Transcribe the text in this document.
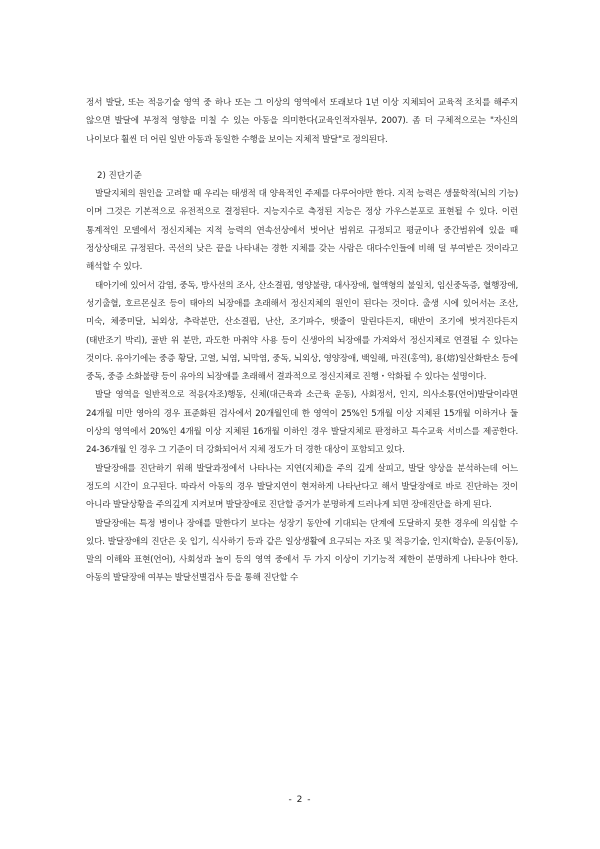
정서 발달, 또는 적응기술 영역 중 하나 또는 그 이상의 영역에서 또래보다 1년 이상 지체되어 교육적 조치를 해주지 않으면 발달에 부정적 영향을 미칠 수 있는 아동을 의미한다(교육인적자원부, 2007). 좀 더 구체적으로는 "자신의 나이보다 훨씬 더 어린 일반 아동과 동일한 수행을 보이는 지체적 발달"로 정의된다.

2) 진단기준

발달지체의 원인을 고려할 때 우리는 태생적 대 양육적인 주제를 다루어야만 한다. 지적 능력은 생물학적(뇌의 기능)이며 그것은 기본적으로 유전적으로 결정된다. 지능지수로 측정된 지능은 정상 가우스분포로 표현될 수 있다. 이런 통계적인 모델에서 정신지체는 지적 능력의 연속선상에서 벗어난 범위로 규정되고 평균이나 중간범위에 있을 때 정상상태로 규정된다. 곡선의 낮은 끝을 나타내는 경한 지체를 갖는 사람은 대다수인들에 비해 덜 부여받은 것이라고 해석할 수 있다.

태아기에 있어서 감염, 중독, 방사선의 조사, 산소결핍, 영양불량, 대사장애, 혈액형의 불일치, 임신중독증, 혈행장애, 성기출혈, 호르몬실조 등이 태아의 뇌장애를 초래해서 정신지체의 원인이 된다는 것이다. 출생 시에 있어서는 조산, 미숙, 체중미달, 뇌외상, 추락분만, 산소결핍, 난산, 조기파수, 탯줄이 말린다든지, 태반이 조기에 벗겨진다든지(태반조기 박리), 골반 위 분만, 과도한 마취약 사용 등이 신생아의 뇌장애를 가져와서 정신지체로 연결될 수 있다는 것이다. 유아기에는 중증 황달, 고열, 뇌염, 뇌막염, 중독, 뇌외상, 영양장애, 백일해, 마진(홍역), 용(熔)일산화탄소 등에 중독, 중증 소화불량 등이 유아의 뇌장애를 초래해서 결과적으로 정신지체로 진행・악화될 수 있다는 설명이다.

발달 영역을 일반적으로 적응(자조)행동, 신체(대근육과 소근육 운동), 사회정서, 인지, 의사소통(언어)발달이라면 24개월 미만 영아의 경우 표준화된 검사에서 20개월인데 한 영역이 25%인 5개월 이상 지체된 15개월 이하거나 둘 이상의 영역에서 20%인 4개월 이상 지체된 16개월 이하인 경우 발달지체로 판정하고 특수교육 서비스를 제공한다. 24-36개월 인 경우 그 기준이 더 강화되어서 지체 정도가 더 경한 대상이 포함되고 있다.

발달장애를 진단하기 위해 발달과정에서 나타나는 지연(지체)을 주의 깊게 살피고, 발달 양상을 분석하는데 어느 정도의 시간이 요구된다. 따라서 아동의 경우 발달지연이 현저하게 나타난다고 해서 발달장애로 바로 진단하는 것이 아니라 발달상황을 주의깊게 지켜보며 발달장애로 진단할 증거가 분명하게 드러나게 되면 장애진단을 하게 된다.

발달장애는 특정 병이나 장애를 말한다기 보다는 성장기 동안에 기대되는 단계에 도달하지 못한 경우에 의심할 수 있다. 발달장애의 진단은 옷 입기, 식사하기 등과 같은 일상생활에 요구되는 자조 및 적응기술, 인지(학습), 운동(이동), 말의 이해와 표현(언어), 사회성과 놀이 등의 영역 중에서 두 가지 이상이 기기능적 제한이 분명하게 나타나야 한다. 아동의 발달장애 여부는 발달선별검사 등을 통해 진단할 수

- 2 -
